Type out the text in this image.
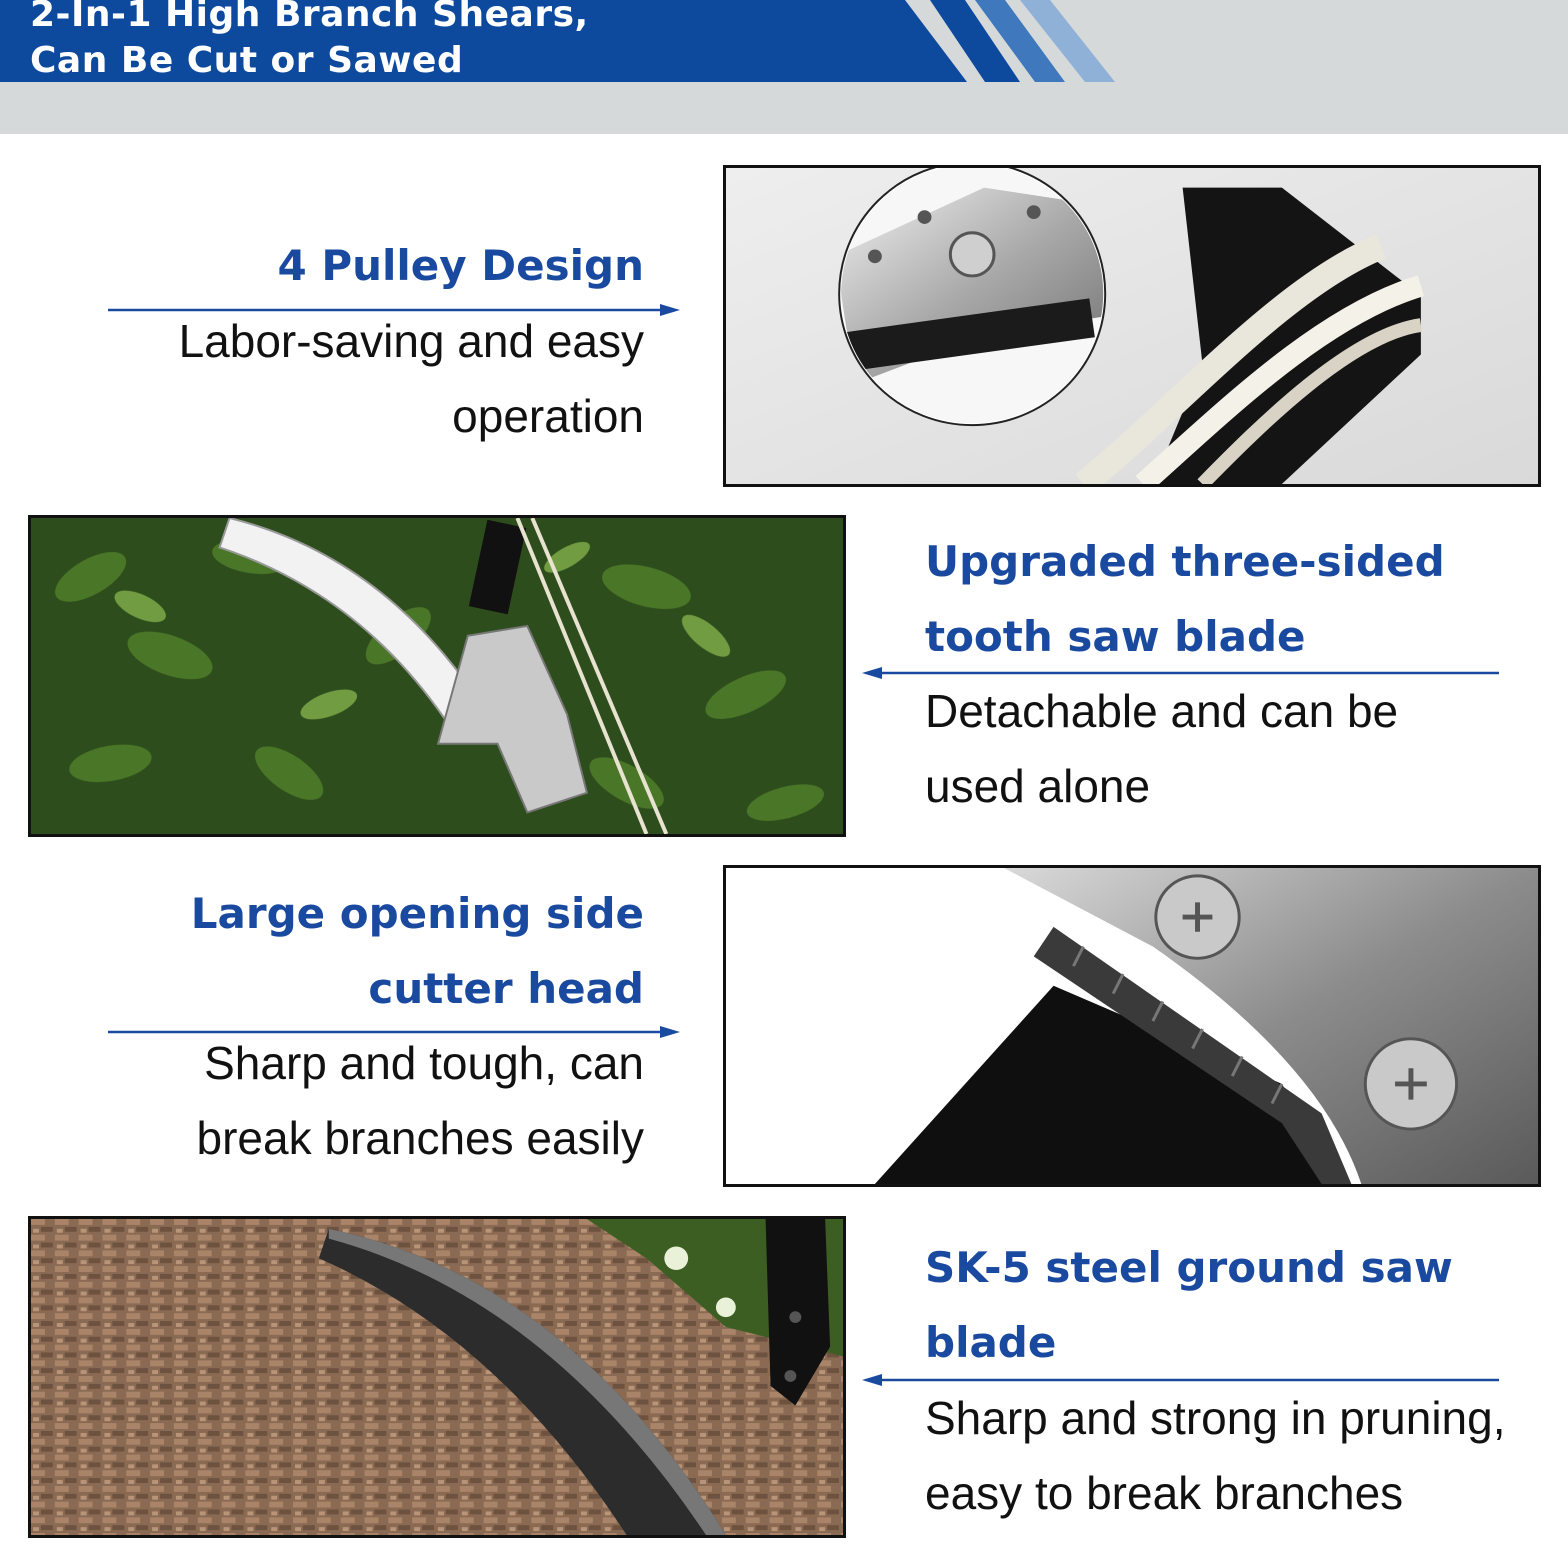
2-In-1 High Branch Shears,
Can Be Cut or Sawed
4 Pulley Design

Labor-saving and easy
operation

Upgraded three-sided
tooth saw blade

Detachable and can be
used alone

Large opening side
cutter head

Sharp and tough, can
break branches easily

SK-5 steel ground saw
blade

Sharp and strong in pruning,
easy to break branches
